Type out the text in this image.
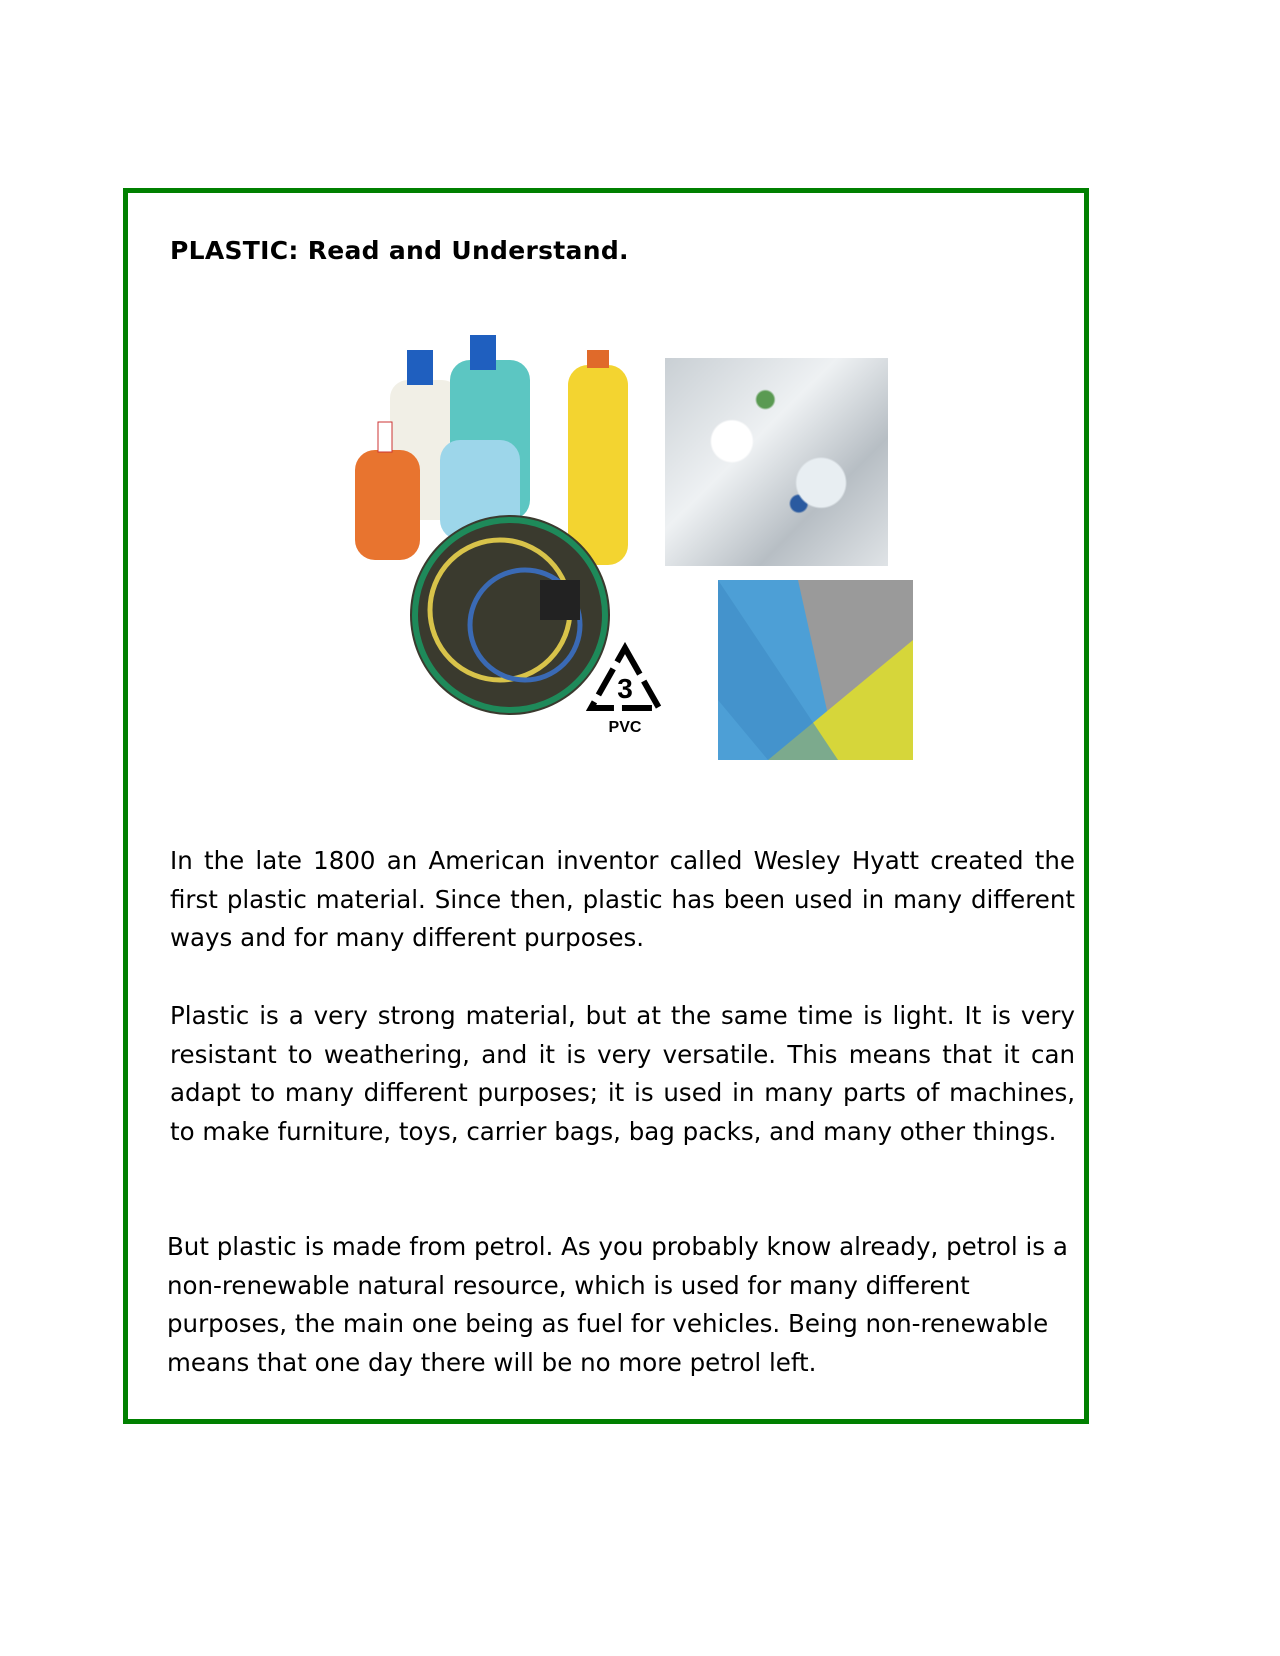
PLASTIC: Read and Understand.
3
PVC
In the late 1800 an American inventor called Wesley Hyatt created the first plastic material. Since then, plastic has been used in many different ways and for many different purposes.
Plastic is a very strong material, but at the same time is light. It is very resistant to weathering, and it is very versatile. This means that it can adapt to many different purposes; it is used in many parts of machines, to make furniture, toys, carrier bags, bag packs, and many other things.
But plastic is made from petrol. As you probably know already, petrol is a non-renewable natural resource, which is used for many different purposes, the main one being as fuel for vehicles. Being non-renewable means that one day there will be no more petrol left.
